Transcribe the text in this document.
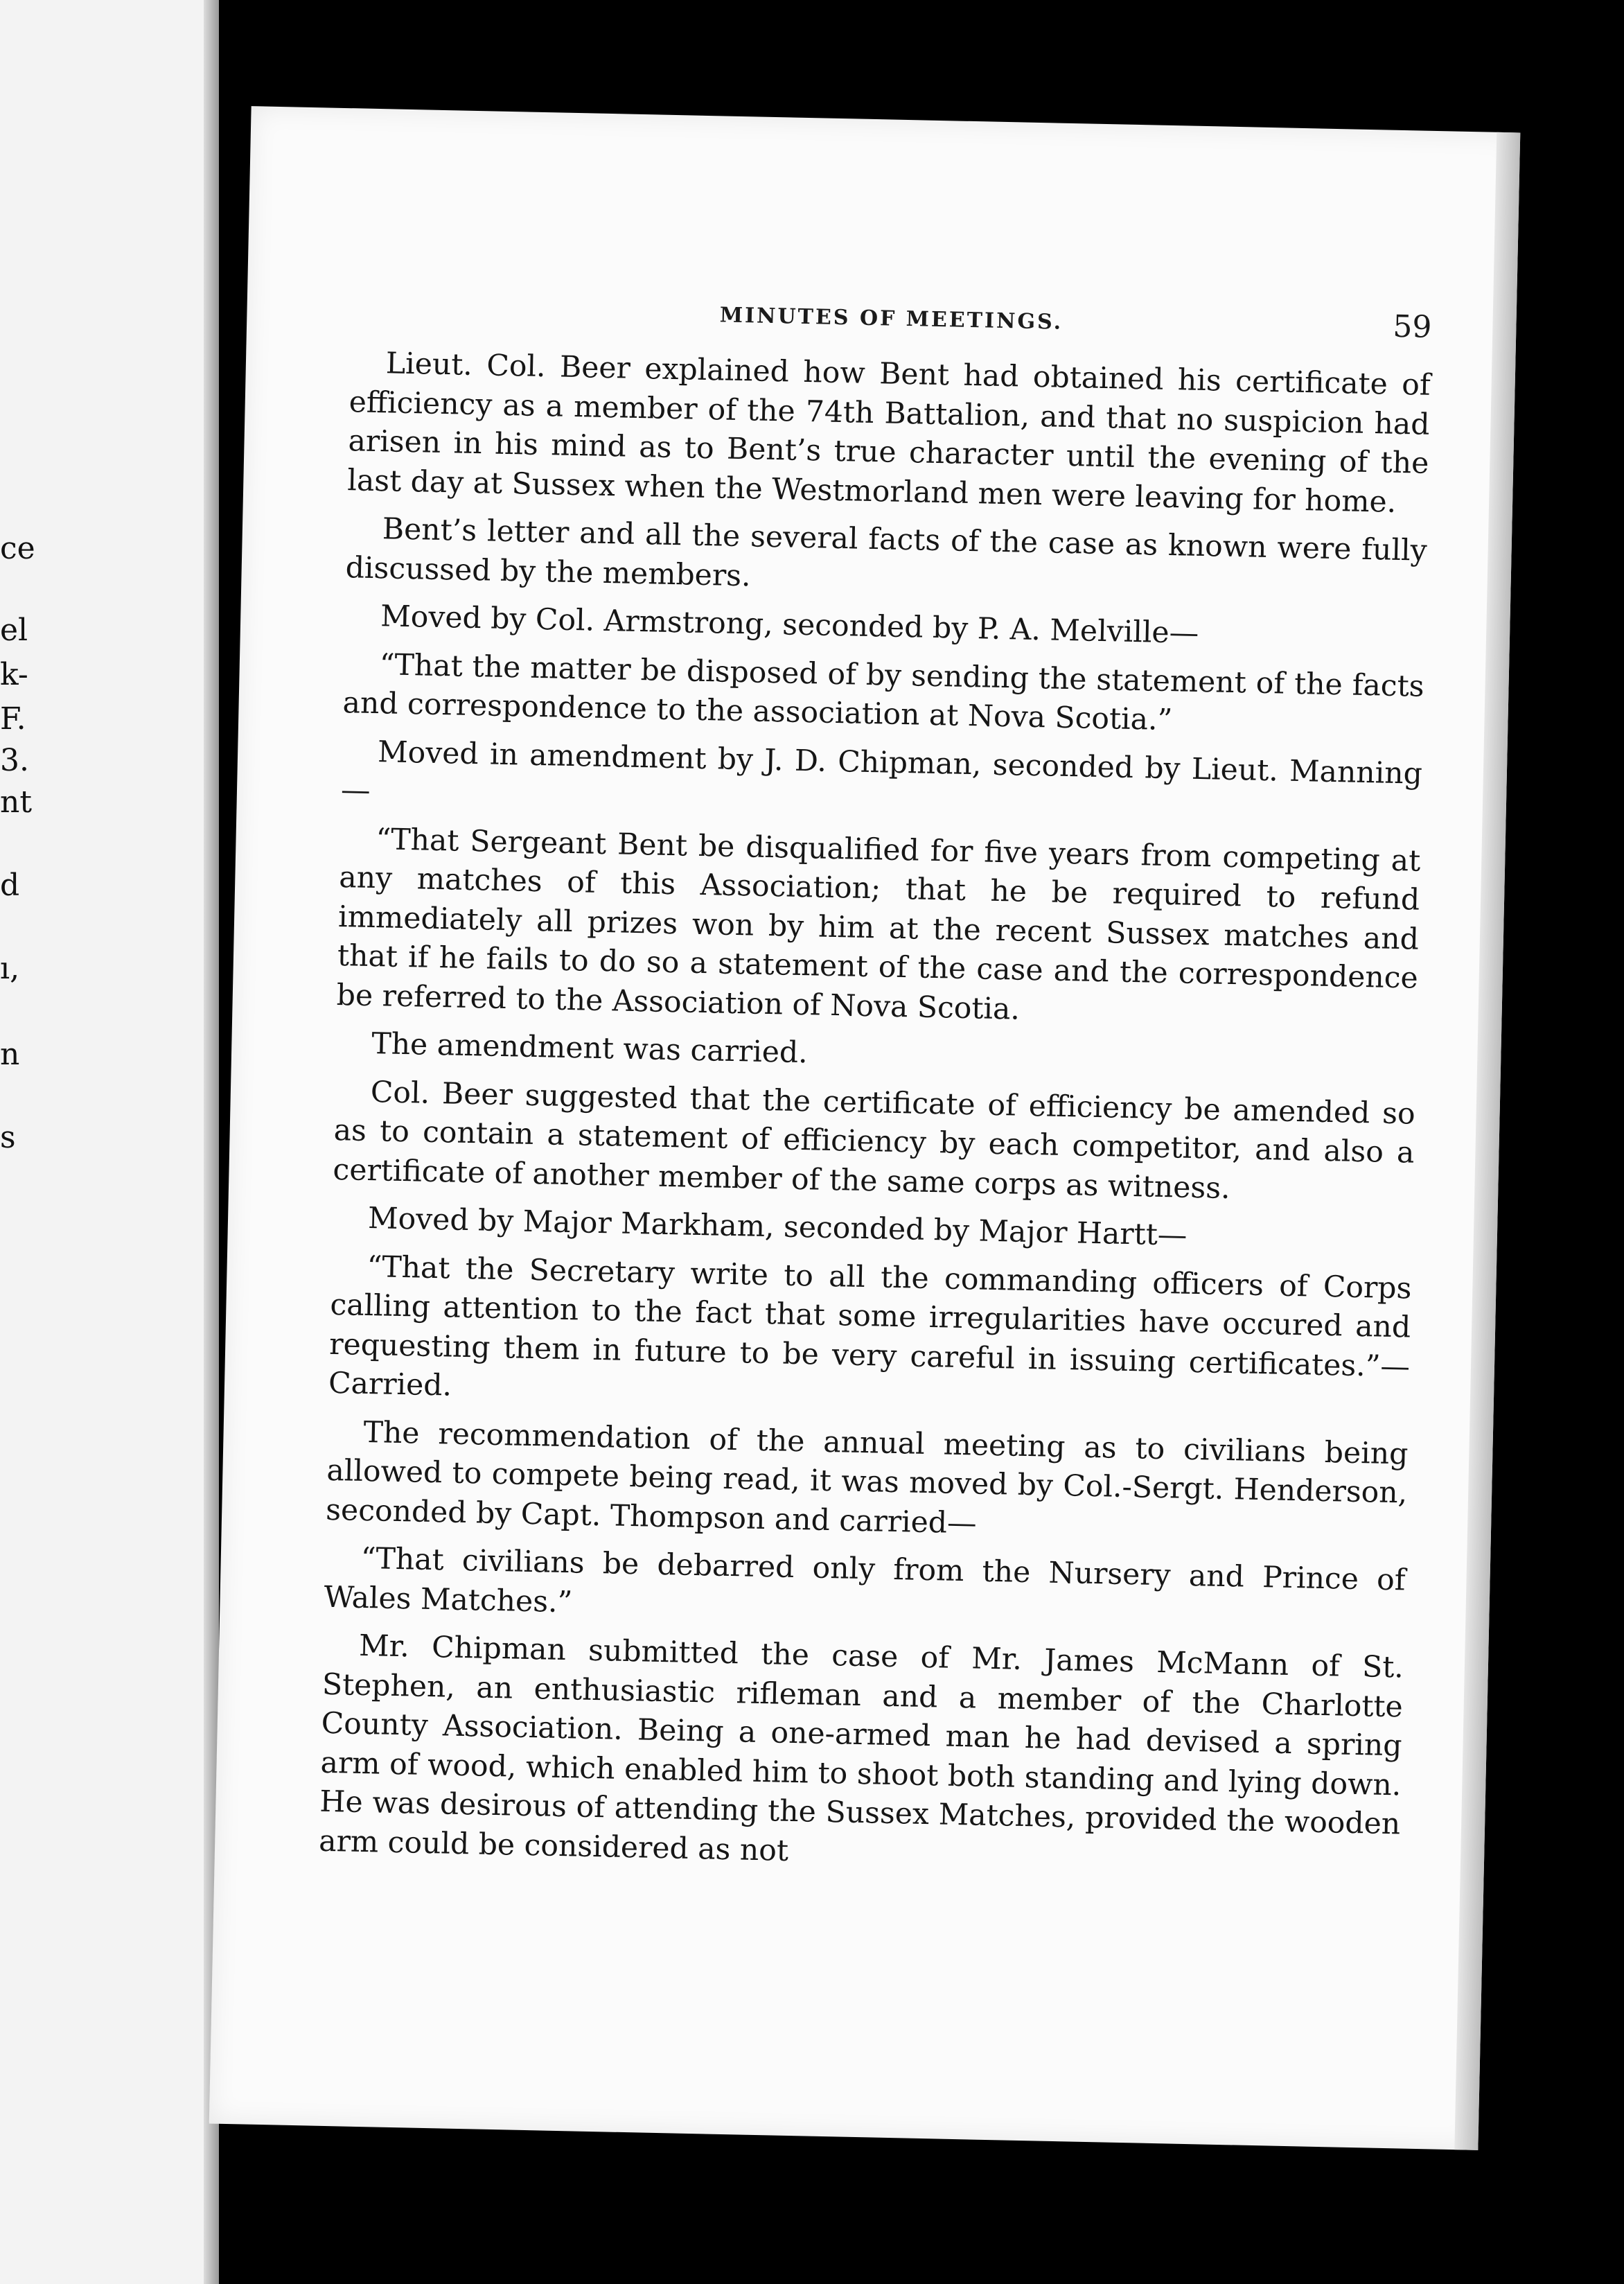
ce
el
k-
F.
3.
nt
d
ı,
n
s
MINUTES OF MEETINGS.	59

Lieut. Col. Beer explained how Bent had obtained his certificate of efficiency as a member of the 74th Battalion, and that no suspicion had arisen in his mind as to Bent’s true character until the evening of the last day at Sussex when the Westmorland men were leaving for home.

Bent’s letter and all the several facts of the case as known were fully discussed by the members.

Moved by Col. Armstrong, seconded by P. A. Melville—

“That the matter be disposed of by sending the statement of the facts and correspondence to the association at Nova Scotia.”

Moved in amendment by J. D. Chipman, seconded by Lieut. Manning—

“That Sergeant Bent be disqualified for five years from competing at any matches of this Association; that he be required to refund immediately all prizes won by him at the recent Sussex matches and that if he fails to do so a statement of the case and the correspondence be referred to the Association of Nova Scotia.

The amendment was carried.

Col. Beer suggested that the certificate of efficiency be amended so as to contain a statement of efficiency by each competitor, and also a certificate of another member of the same corps as witness.

Moved by Major Markham, seconded by Major Hartt—

“That the Secretary write to all the commanding officers of Corps calling attention to the fact that some irregularities have occured and requesting them in future to be very careful in issuing certificates.”—Carried.

The recommendation of the annual meeting as to civilians being allowed to compete being read, it was moved by Col.-Sergt. Henderson, seconded by Capt. Thompson and carried—

“That civilians be debarred only from the Nursery and Prince of Wales Matches.”

Mr. Chipman submitted the case of Mr. James McMann of St. Stephen, an enthusiastic rifleman and a member of the Charlotte County Association. Being a one-armed man he had devised a spring arm of wood, which enabled him to shoot both standing and lying down. He was desirous of attending the Sussex Matches, provided the wooden arm could be considered as not
